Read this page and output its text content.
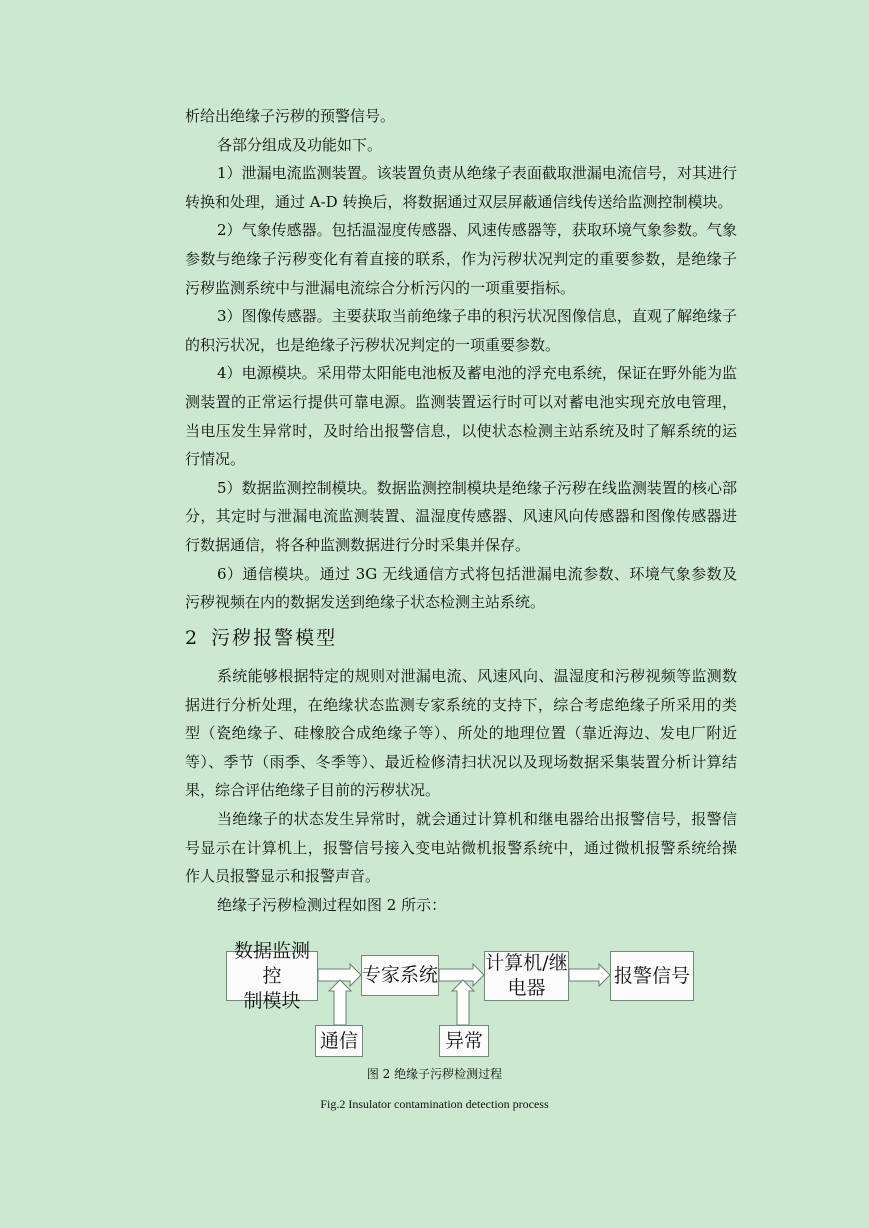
析给出绝缘子污秽的预警信号。

各部分组成及功能如下。

1）泄漏电流监测装置。该装置负责从绝缘子表面截取泄漏电流信号，对其进行转换和处理，通过 A-D 转换后，将数据通过双层屏蔽通信线传送给监测控制模块。

2）气象传感器。包括温湿度传感器、风速传感器等，获取环境气象参数。气象参数与绝缘子污秽变化有着直接的联系，作为污秽状况判定的重要参数，是绝缘子污秽监测系统中与泄漏电流综合分析污闪的一项重要指标。

3）图像传感器。主要获取当前绝缘子串的积污状况图像信息，直观了解绝缘子的积污状况，也是绝缘子污秽状况判定的一项重要参数。

4）电源模块。采用带太阳能电池板及蓄电池的浮充电系统，保证在野外能为监测装置的正常运行提供可靠电源。监测装置运行时可以对蓄电池实现充放电管理，当电压发生异常时，及时给出报警信息，以使状态检测主站系统及时了解系统的运行情况。

5）数据监测控制模块。数据监测控制模块是绝缘子污秽在线监测装置的核心部分，其定时与泄漏电流监测装置、温湿度传感器、风速风向传感器和图像传感器进行数据通信，将各种监测数据进行分时采集并保存。

6）通信模块。通过 3G 无线通信方式将包括泄漏电流参数、环境气象参数及污秽视频在内的数据发送到绝缘子状态检测主站系统。

2 污秽报警模型

系统能够根据特定的规则对泄漏电流、风速风向、温湿度和污秽视频等监测数据进行分析处理，在绝缘状态监测专家系统的支持下，综合考虑绝缘子所采用的类型（瓷绝缘子、硅橡胶合成绝缘子等）、所处的地理位置（靠近海边、发电厂附近等）、季节（雨季、冬季等）、最近检修清扫状况以及现场数据采集装置分析计算结果，综合评估绝缘子目前的污秽状况。

当绝缘子的状态发生异常时，就会通过计算机和继电器给出报警信号，报警信号显示在计算机上，报警信号接入变电站微机报警系统中，通过微机报警系统给操作人员报警显示和报警声音。

绝缘子污秽检测过程如图 2 所示：

数据监测控
制模块
专家系统
计算机/继
电器
报警信号
通信	异常
图 2 绝缘子污秽检测过程
Fig.2 Insulator contamination detection process
